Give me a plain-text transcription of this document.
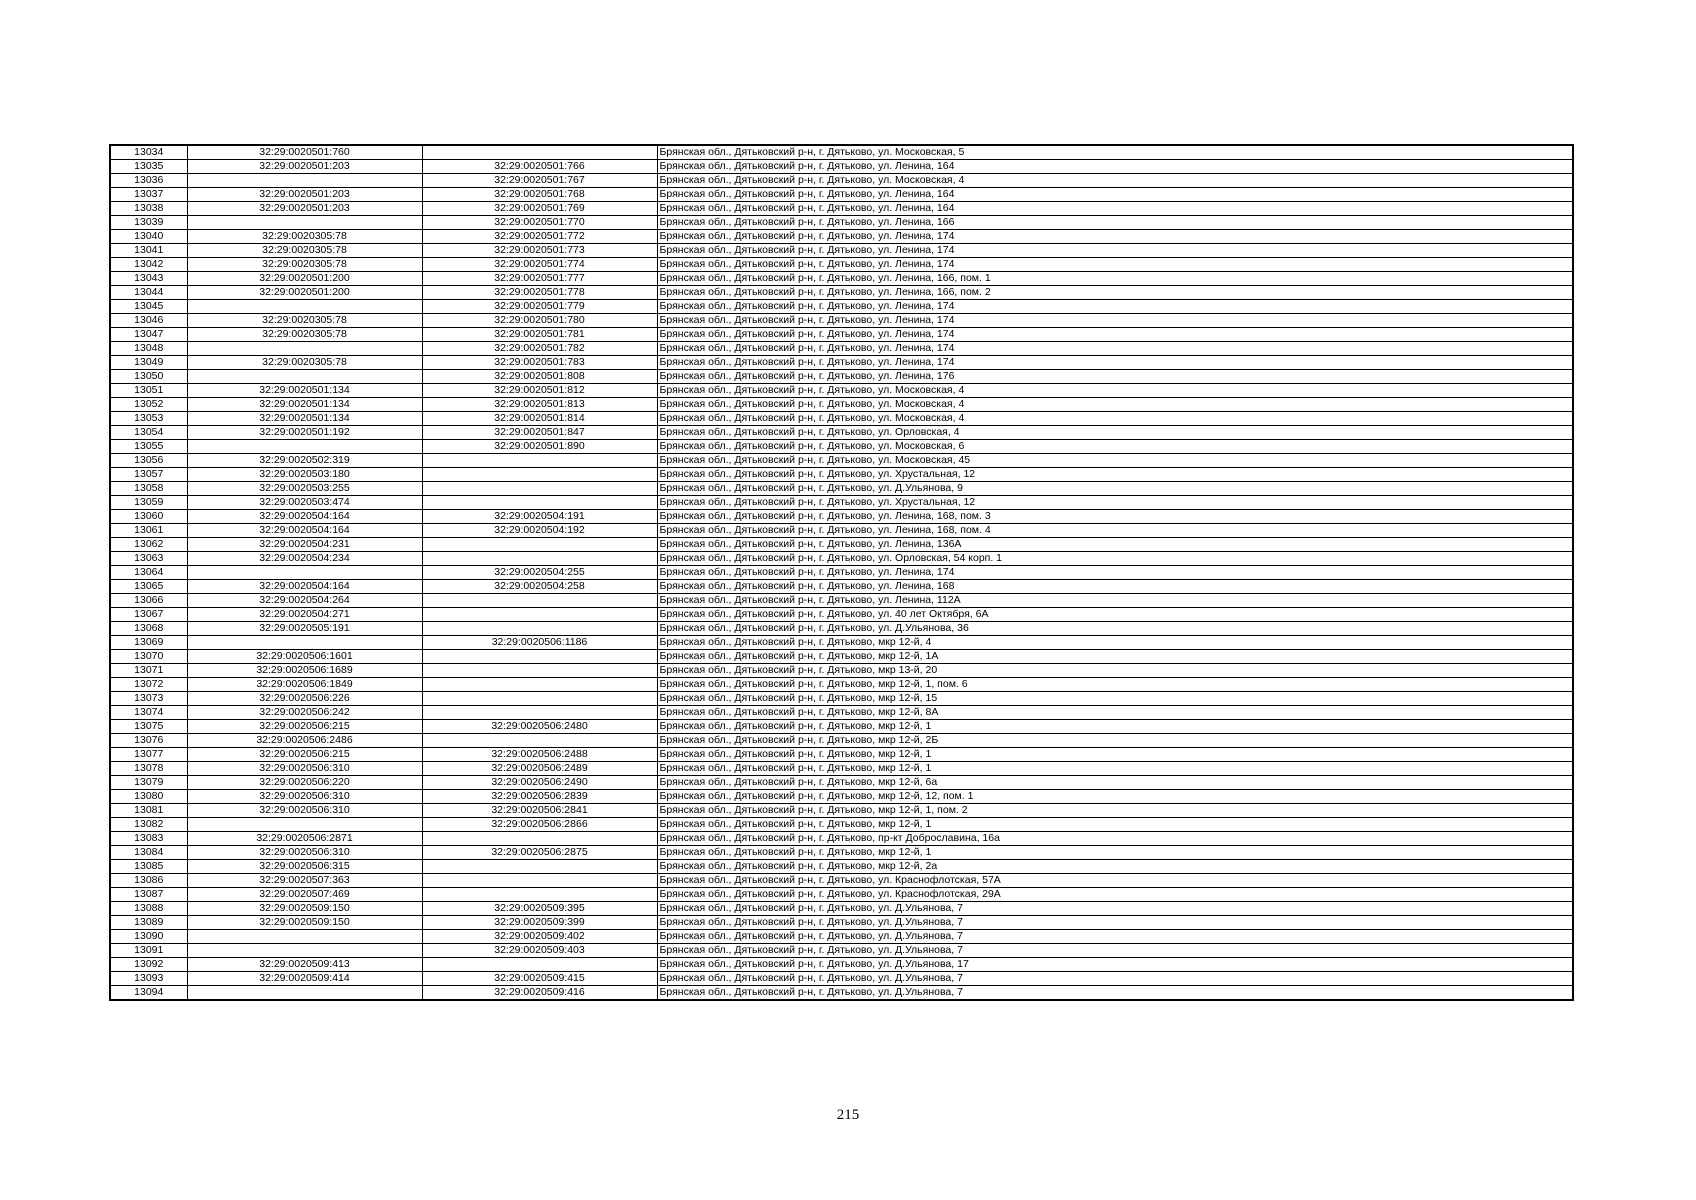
13034	32:29:0020501:760		Брянская обл., Дятьковский р-н, г. Дятьково, ул. Московская, 5
13035	32:29:0020501:203	32:29:0020501:766	Брянская обл., Дятьковский р-н, г. Дятьково, ул. Ленина, 164
13036		32:29:0020501:767	Брянская обл., Дятьковский р-н, г. Дятьково, ул. Московская, 4
13037	32:29:0020501:203	32:29:0020501:768	Брянская обл., Дятьковский р-н, г. Дятьково, ул. Ленина, 164
13038	32:29:0020501:203	32:29:0020501:769	Брянская обл., Дятьковский р-н, г. Дятьково, ул. Ленина, 164
13039		32:29:0020501:770	Брянская обл., Дятьковский р-н, г. Дятьково, ул. Ленина, 166
13040	32:29:0020305:78	32:29:0020501:772	Брянская обл., Дятьковский р-н, г. Дятьково, ул. Ленина, 174
13041	32:29:0020305:78	32:29:0020501:773	Брянская обл., Дятьковский р-н, г. Дятьково, ул. Ленина, 174
13042	32:29:0020305:78	32:29:0020501:774	Брянская обл., Дятьковский р-н, г. Дятьково, ул. Ленина, 174
13043	32:29:0020501:200	32:29:0020501:777	Брянская обл., Дятьковский р-н, г. Дятьково, ул. Ленина, 166, пом. 1
13044	32:29:0020501:200	32:29:0020501:778	Брянская обл., Дятьковский р-н, г. Дятьково, ул. Ленина, 166, пом. 2
13045		32:29:0020501:779	Брянская обл., Дятьковский р-н, г. Дятьково, ул. Ленина, 174
13046	32:29:0020305:78	32:29:0020501:780	Брянская обл., Дятьковский р-н, г. Дятьково, ул. Ленина, 174
13047	32:29:0020305:78	32:29:0020501:781	Брянская обл., Дятьковский р-н, г. Дятьково, ул. Ленина, 174
13048		32:29:0020501:782	Брянская обл., Дятьковский р-н, г. Дятьково, ул. Ленина, 174
13049	32:29:0020305:78	32:29:0020501:783	Брянская обл., Дятьковский р-н, г. Дятьково, ул. Ленина, 174
13050		32:29:0020501:808	Брянская обл., Дятьковский р-н, г. Дятьково, ул. Ленина, 176
13051	32:29:0020501:134	32:29:0020501:812	Брянская обл., Дятьковский р-н, г. Дятьково, ул. Московская, 4
13052	32:29:0020501:134	32:29:0020501:813	Брянская обл., Дятьковский р-н, г. Дятьково, ул. Московская, 4
13053	32:29:0020501:134	32:29:0020501:814	Брянская обл., Дятьковский р-н, г. Дятьково, ул. Московская, 4
13054	32:29:0020501:192	32:29:0020501:847	Брянская обл., Дятьковский р-н, г. Дятьково, ул. Орловская, 4
13055		32:29:0020501:890	Брянская обл., Дятьковский р-н, г. Дятьково, ул. Московская, 6
13056	32:29:0020502:319		Брянская обл., Дятьковский р-н, г. Дятьково, ул. Московская, 45
13057	32:29:0020503:180		Брянская обл., Дятьковский р-н, г. Дятьково, ул. Хрустальная, 12
13058	32:29:0020503:255		Брянская обл., Дятьковский р-н, г. Дятьково, ул. Д.Ульянова, 9
13059	32:29:0020503:474		Брянская обл., Дятьковский р-н, г. Дятьково, ул. Хрустальная, 12
13060	32:29:0020504:164	32:29:0020504:191	Брянская обл., Дятьковский р-н, г. Дятьково, ул. Ленина, 168, пом. 3
13061	32:29:0020504:164	32:29:0020504:192	Брянская обл., Дятьковский р-н, г. Дятьково, ул. Ленина, 168, пом. 4
13062	32:29:0020504:231		Брянская обл., Дятьковский р-н, г. Дятьково, ул. Ленина, 136А
13063	32:29:0020504:234		Брянская обл., Дятьковский р-н, г. Дятьково, ул. Орловская, 54 корп. 1
13064		32:29:0020504:255	Брянская обл., Дятьковский р-н, г. Дятьково, ул. Ленина, 174
13065	32:29:0020504:164	32:29:0020504:258	Брянская обл., Дятьковский р-н, г. Дятьково, ул. Ленина, 168
13066	32:29:0020504:264		Брянская обл., Дятьковский р-н, г. Дятьково, ул. Ленина, 112А
13067	32:29:0020504:271		Брянская обл., Дятьковский р-н, г. Дятьково, ул. 40 лет Октября, 6А
13068	32:29:0020505:191		Брянская обл., Дятьковский р-н, г. Дятьково, ул. Д.Ульянова, 36
13069		32:29:0020506:1186	Брянская обл., Дятьковский р-н, г. Дятьково, мкр 12-й, 4
13070	32:29:0020506:1601		Брянская обл., Дятьковский р-н, г. Дятьково, мкр 12-й, 1А
13071	32:29:0020506:1689		Брянская обл., Дятьковский р-н, г. Дятьково, мкр 13-й, 20
13072	32:29:0020506:1849		Брянская обл., Дятьковский р-н, г. Дятьково, мкр 12-й, 1, пом. 6
13073	32:29:0020506:226		Брянская обл., Дятьковский р-н, г. Дятьково, мкр 12-й, 15
13074	32:29:0020506:242		Брянская обл., Дятьковский р-н, г. Дятьково, мкр 12-й, 8А
13075	32:29:0020506:215	32:29:0020506:2480	Брянская обл., Дятьковский р-н, г. Дятьково, мкр 12-й, 1
13076	32:29:0020506:2486		Брянская обл., Дятьковский р-н, г. Дятьково, мкр 12-й, 2Б
13077	32:29:0020506:215	32:29:0020506:2488	Брянская обл., Дятьковский р-н, г. Дятьково, мкр 12-й, 1
13078	32:29:0020506:310	32:29:0020506:2489	Брянская обл., Дятьковский р-н, г. Дятьково, мкр 12-й, 1
13079	32:29:0020506:220	32:29:0020506:2490	Брянская обл., Дятьковский р-н, г. Дятьково, мкр 12-й, 6а
13080	32:29:0020506:310	32:29:0020506:2839	Брянская обл., Дятьковский р-н, г. Дятьково, мкр 12-й, 12, пом. 1
13081	32:29:0020506:310	32:29:0020506:2841	Брянская обл., Дятьковский р-н, г. Дятьково, мкр 12-й, 1, пом. 2
13082		32:29:0020506:2866	Брянская обл., Дятьковский р-н, г. Дятьково, мкр 12-й, 1
13083	32:29:0020506:2871		Брянская обл., Дятьковский р-н, г. Дятьково, пр-кт Доброславина, 16а
13084	32:29:0020506:310	32:29:0020506:2875	Брянская обл., Дятьковский р-н, г. Дятьково, мкр 12-й, 1
13085	32:29:0020506:315		Брянская обл., Дятьковский р-н, г. Дятьково, мкр 12-й, 2а
13086	32:29:0020507:363		Брянская обл., Дятьковский р-н, г. Дятьково, ул. Краснофлотская, 57А
13087	32:29:0020507:469		Брянская обл., Дятьковский р-н, г. Дятьково, ул. Краснофлотская, 29А
13088	32:29:0020509:150	32:29:0020509:395	Брянская обл., Дятьковский р-н, г. Дятьково, ул. Д.Ульянова, 7
13089	32:29:0020509:150	32:29:0020509:399	Брянская обл., Дятьковский р-н, г. Дятьково, ул. Д.Ульянова, 7
13090		32:29:0020509:402	Брянская обл., Дятьковский р-н, г. Дятьково, ул. Д.Ульянова, 7
13091		32:29:0020509:403	Брянская обл., Дятьковский р-н, г. Дятьково, ул. Д.Ульянова, 7
13092	32:29:0020509:413		Брянская обл., Дятьковский р-н, г. Дятьково, ул. Д.Ульянова, 17
13093	32:29:0020509:414	32:29:0020509:415	Брянская обл., Дятьковский р-н, г. Дятьково, ул. Д.Ульянова, 7
13094		32:29:0020509:416	Брянская обл., Дятьковский р-н, г. Дятьково, ул. Д.Ульянова, 7
215
